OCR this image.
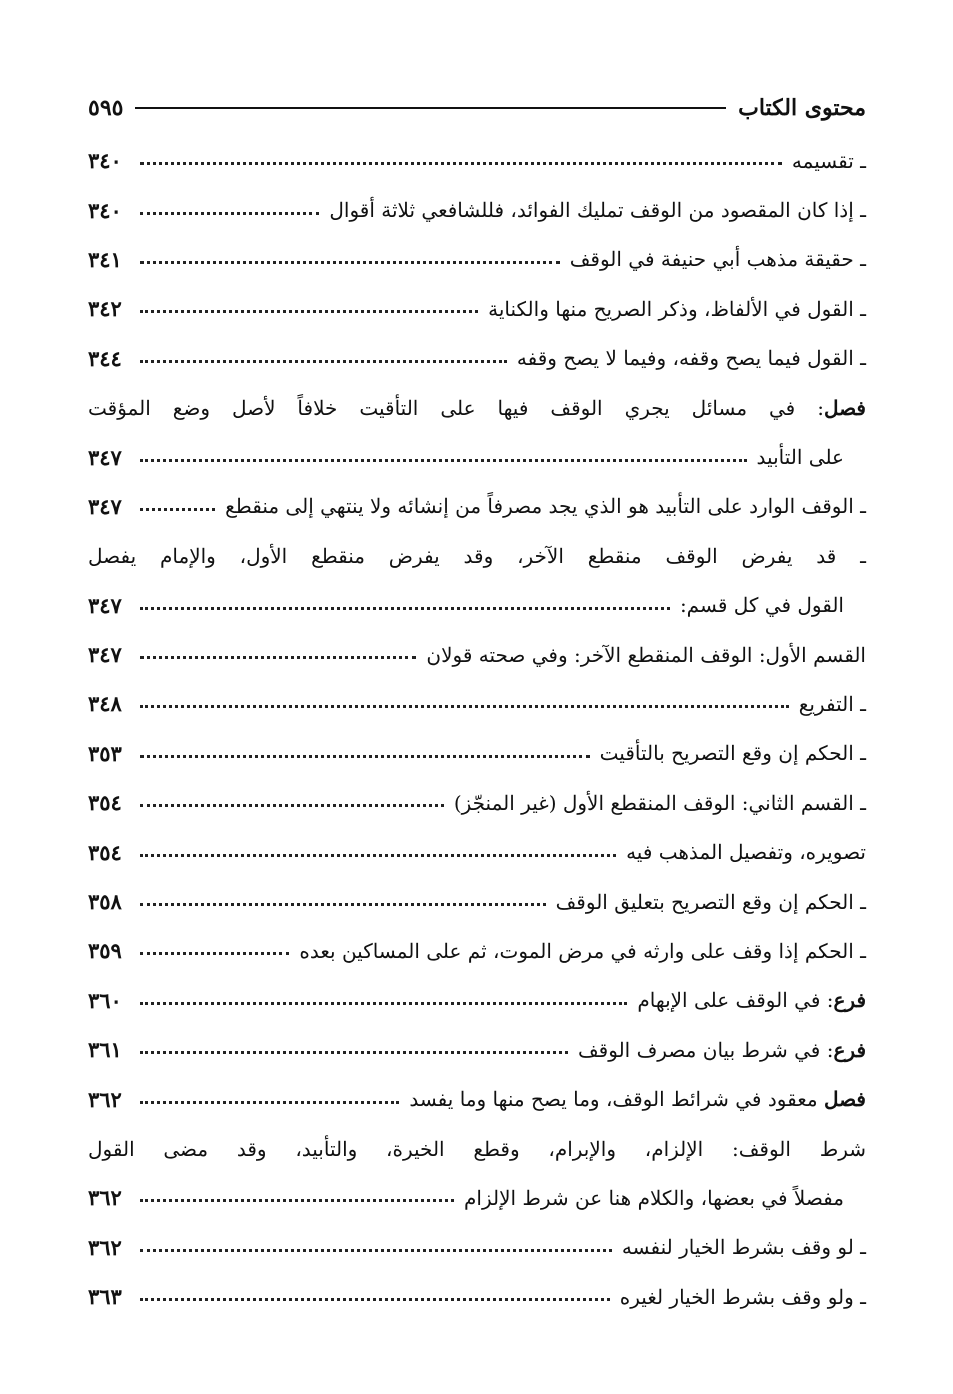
محتوى الكتاب
٥٩٥
ـ تقسيمه
٣٤٠
ـ إذا كان المقصود من الوقف تمليك الفوائد، فللشافعي ثلاثة أقوال
٣٤٠
ـ حقيقة مذهب أبي حنيفة في الوقف
٣٤١
ـ القول في الألفاظ، وذكر الصريح منها والكناية
٣٤٢
ـ القول فيما يصح وقفه، وفيما لا يصح وقفه
٣٤٤
فصل: في مسائل يجري الوقف فيها على التأقيت خلافاً لأصل وضع المؤقت
على التأبيد
٣٤٧
ـ الوقف الوارد على التأبيد هو الذي يجد مصرفاً من إنشائه ولا ينتهي إلى منقطع
٣٤٧
ـ قد يفرض الوقف منقطع الآخر، وقد يفرض منقطع الأول، والإمام يفصل
القول في كل قسم:
٣٤٧
القسم الأول: الوقف المنقطع الآخر: وفي صحته قولان
٣٤٧
ـ التفريع
٣٤٨
ـ الحكم إن وقع التصريح بالتأقيت
٣٥٣
ـ القسم الثاني: الوقف المنقطع الأول (غير المنجّز)
٣٥٤
تصويره، وتفصيل المذهب فيه
٣٥٤
ـ الحكم إن وقع التصريح بتعليق الوقف
٣٥٨
ـ الحكم إذا وقف على وارثه في مرض الموت، ثم على المساكين بعده
٣٥٩
فرع: في الوقف على الإبهام
٣٦٠
فرع: في شرط بيان مصرف الوقف
٣٦١
فصل معقود في شرائط الوقف، وما يصح منها وما يفسد
٣٦٢
شرط الوقف: الإلزام، والإبرام، وقطع الخيرة، والتأبيد، وقد مضى القول
مفصلاً في بعضها، والكلام هنا عن شرط الإلزام
٣٦٢
ـ لو وقف بشرط الخيار لنفسه
٣٦٢
ـ ولو وقف بشرط الخيار لغيره
٣٦٣
